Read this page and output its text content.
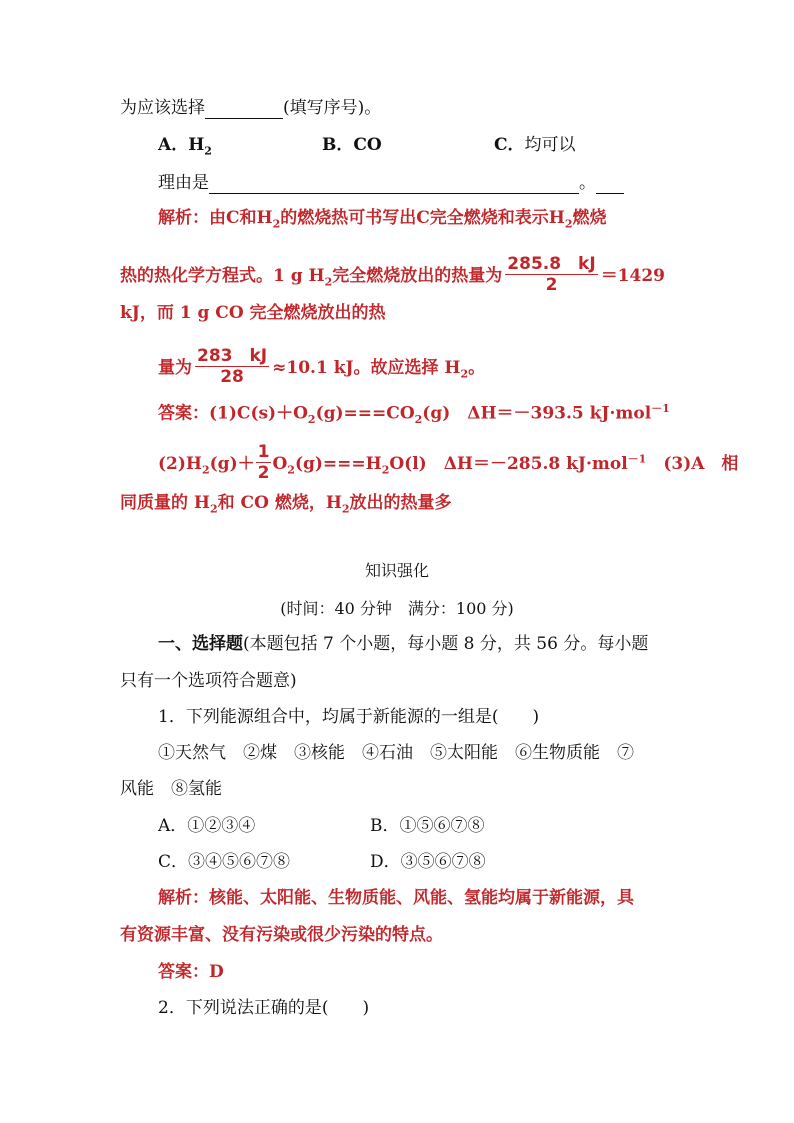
为应该选择	(填写序号)。
A．$H_2$	B．CO	C．均可以
理由是	。
解析：由C和$H_2$的燃烧热可书写出C完全燃烧和表示$H_2$燃烧
热的热化学方程式。1 g $H_2$完全燃烧放出的热量为 $\frac{285.8 kJ}{2} =1429$
kJ，而 1 g CO 完全燃烧放出的热
量为 $\frac{283 kJ}{28} \approx 10.1$ kJ。故应选择 $H_2$。
答案：$(1)C(s)+O_2(g)===CO_2(g)$　ΔH＝－393.5 kJ·mol$^{-1}$
$(2)H_2(g)+ \frac{1}{2} O_2(g)===H_2O(l)$　ΔH＝－285.8 kJ·mol$^{-1}$　(3)A　相
同质量的 $H_2$和 CO 燃烧，$H_2$放出的热量多
知识强化
(时间：40 分钟　满分：100 分)
一、选择题(本题包括 7 个小题，每小题 8 分，共 56 分。每小题
只有一个选项符合题意)
1．下列能源组合中，均属于新能源的一组是(　　)
①天然气　②煤　③核能　④石油　⑤太阳能　⑥生物质能　⑦
风能　⑧氢能
A．①②③④	B．①⑤⑥⑦⑧
C．③④⑤⑥⑦⑧	D．③⑤⑥⑦⑧
解析：核能、太阳能、生物质能、风能、氢能均属于新能源，具
有资源丰富、没有污染或很少污染的特点。
答案：D
2．下列说法正确的是(　　)
